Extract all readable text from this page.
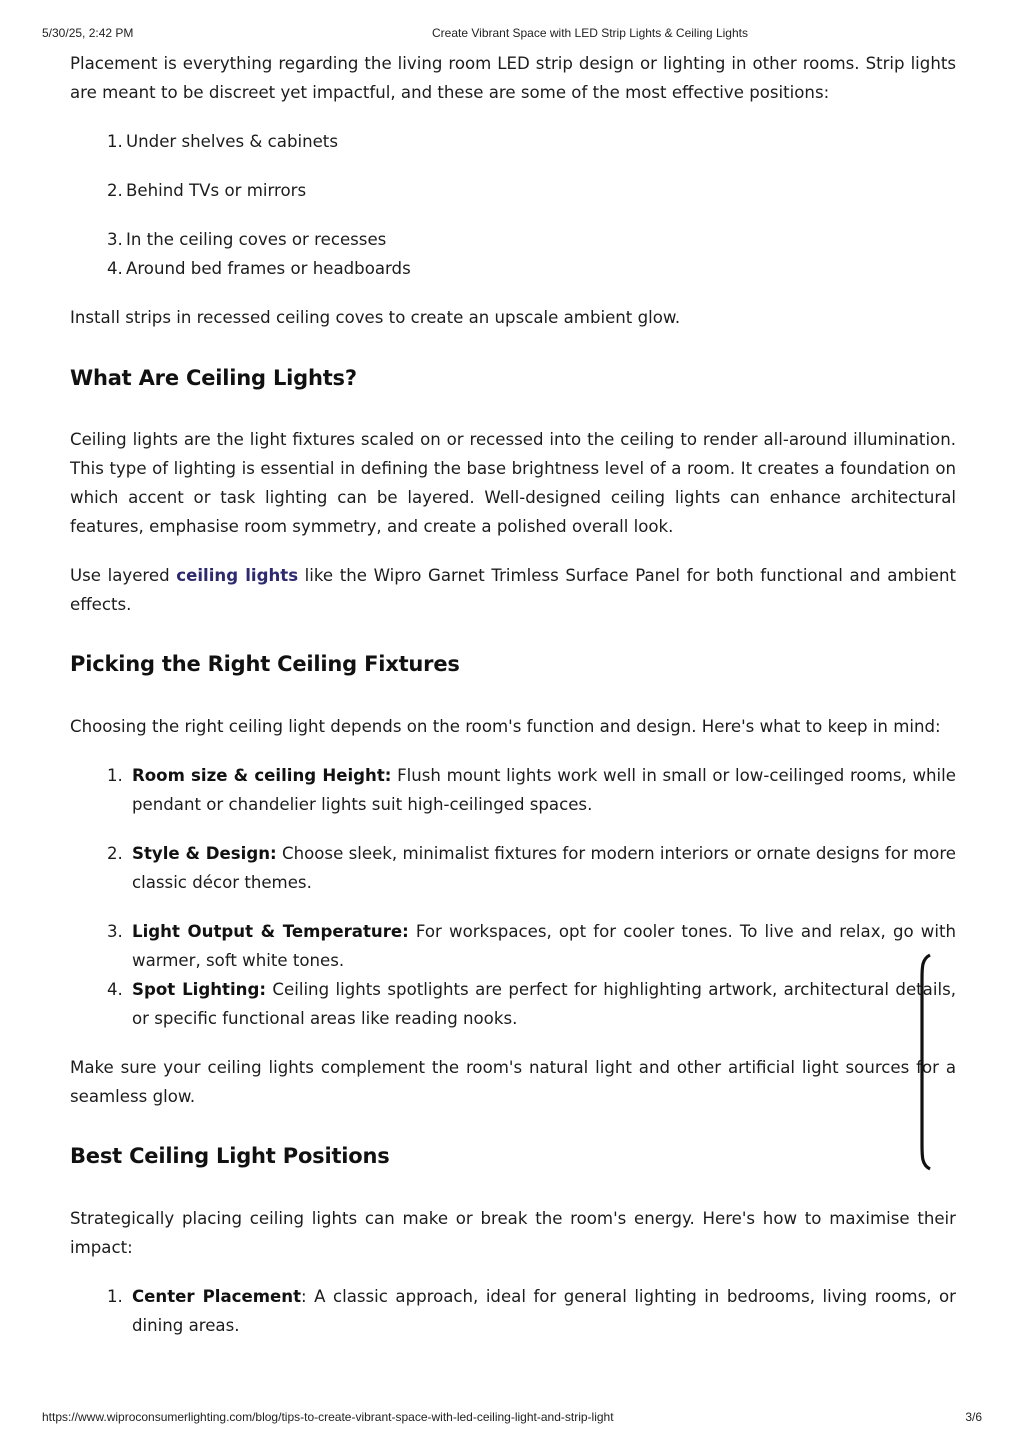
5/30/25, 2:42 PM	Create Vibrant Space with LED Strip Lights & Ceiling Lights

Placement is everything regarding the living room LED strip design or lighting in other rooms. Strip lights are meant to be discreet yet impactful, and these are some of the most effective positions:

1. Under shelves & cabinets
2. Behind TVs or mirrors
3. In the ceiling coves or recesses
4. Around bed frames or headboards

Install strips in recessed ceiling coves to create an upscale ambient glow.

What Are Ceiling Lights?

Ceiling lights are the light fixtures scaled on or recessed into the ceiling to render all-around illumination. This type of lighting is essential in defining the base brightness level of a room. It creates a foundation on which accent or task lighting can be layered. Well-designed ceiling lights can enhance architectural features, emphasise room symmetry, and create a polished overall look.

Use layered ceiling lights like the Wipro Garnet Trimless Surface Panel for both functional and ambient effects.

Picking the Right Ceiling Fixtures

Choosing the right ceiling light depends on the room's function and design. Here's what to keep in mind:

1. Room size & ceiling Height: Flush mount lights work well in small or low-ceilinged rooms, while pendant or chandelier lights suit high-ceilinged spaces.
2. Style & Design: Choose sleek, minimalist fixtures for modern interiors or ornate designs for more classic décor themes.
3. Light Output & Temperature: For workspaces, opt for cooler tones. To live and relax, go with warmer, soft white tones.
4. Spot Lighting: Ceiling lights spotlights are perfect for highlighting artwork, architectural details, or specific functional areas like reading nooks.

Make sure your ceiling lights complement the room's natural light and other artificial light sources for a seamless glow.

Best Ceiling Light Positions

Strategically placing ceiling lights can make or break the room's energy. Here's how to maximise their impact:

1. Center Placement: A classic approach, ideal for general lighting in bedrooms, living rooms, or dining areas.
https://www.wiproconsumerlighting.com/blog/tips-to-create-vibrant-space-with-led-ceiling-light-and-strip-light	3/6
